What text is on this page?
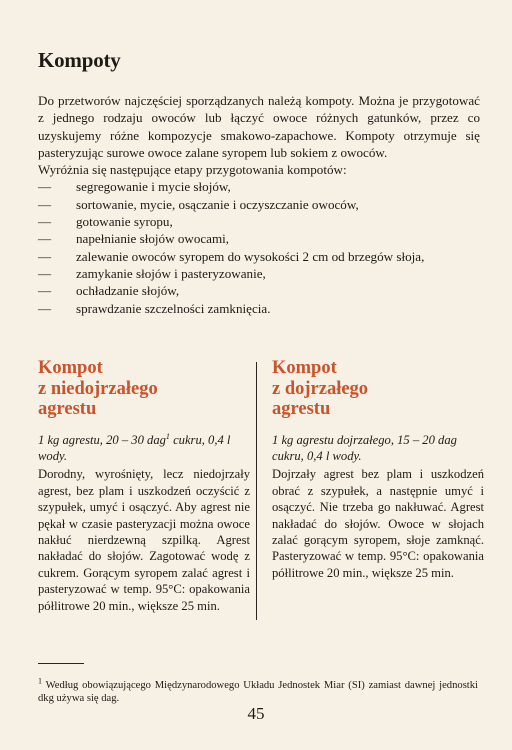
Kompoty

Do przetworów najczęściej sporządzanych należą kompoty. Można je przygotować z jednego rodzaju owoców lub łączyć owoce różnych gatunków, przez co uzyskujemy różne kompozycje smakowo-zapachowe. Kompoty otrzymuje się pasteryzując surowe owoce zalane syropem lub sokiem z owoców.

Wyróżnia się następujące etapy przygotowania kompotów:

— segregowanie i mycie słojów,
— sortowanie, mycie, osączanie i oczyszczanie owoców,
— gotowanie syropu,
— napełnianie słojów owocami,
— zalewanie owoców syropem do wysokości 2 cm od brzegów słoja,
— zamykanie słojów i pasteryzowanie,
— ochładzanie słojów,
— sprawdzanie szczelności zamknięcia.
Kompot
z niedojrzałego
agrestu

1 kg agrestu, 20 – 30 dag$^1$ cukru, 0,4 l wody.

Dorodny, wyrośnięty, lecz niedojrzały agrest, bez plam i uszkodzeń oczyścić z szypułek, umyć i osączyć. Aby agrest nie pękał w czasie pasteryzacji można owoce nakłuć nierdzewną szpilką. Agrest nakładać do słojów. Zagotować wodę z cukrem. Gorącym syropem zalać agrest i pasteryzować w temp. 95°C: opakowania półlitrowe 20 min., większe 25 min.

Kompot
z dojrzałego
agrestu

1 kg agrestu dojrzałego, 15 – 20 dag cukru, 0,4 l wody.

Dojrzały agrest bez plam i uszkodzeń obrać z szypułek, a następnie umyć i osączyć. Nie trzeba go nakłuwać. Agrest nakładać do słojów. Owoce w słojach zalać gorącym syropem, słoje zamknąć. Pasteryzować w temp. 95°C: opakowania półlitrowe 20 min., większe 25 min.

$^1$ Według obowiązującego Międzynarodowego Układu Jednostek Miar (SI) zamiast dawnej jednostki dkg używa się dag.

45
